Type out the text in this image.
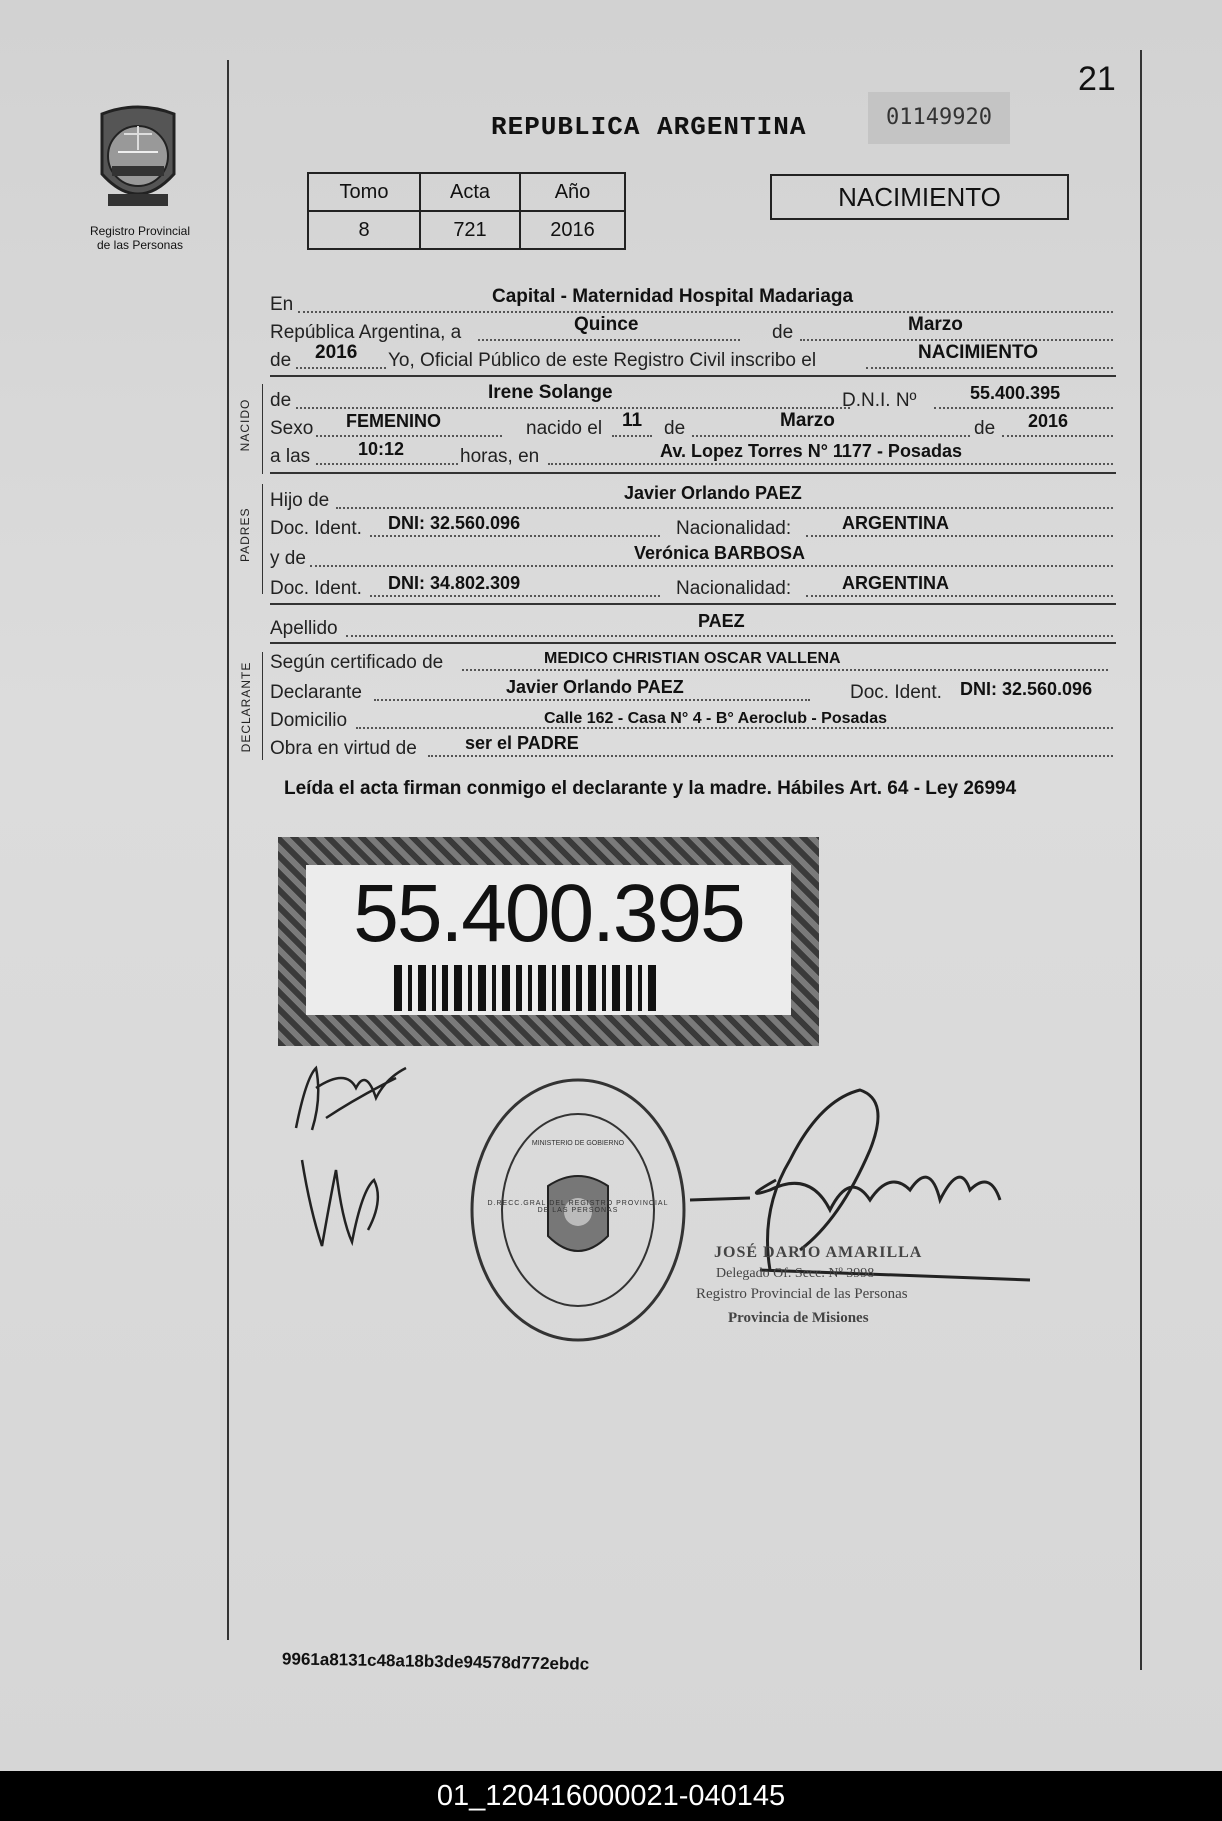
21
Registro Provincial
de las Personas
REPUBLICA ARGENTINA	01149920
Tomo	Acta	Año
8	721	2016
NACIMIENTO
En	Capital - Maternidad Hospital Madariaga
República Argentina, a	Quince	de	Marzo
de 2016 Yo, Oficial Público de este Registro Civil inscribo el	NACIMIENTO
NACIDO de	Irene Solange	D.N.I. Nº	55.400.395
Sexo FEMENINO	nacido el 11 de	Marzo	de 2016
a las	10:12	horas, en	Av. Lopez Torres N° 1177 - Posadas
PADRES
Hijo de	Javier Orlando PAEZ
Doc. Ident. DNI: 32.560.096	Nacionalidad:	ARGENTINA
y de	Verónica BARBOSA
Doc. Ident. DNI: 34.802.309	Nacionalidad:	ARGENTINA
Apellido	PAEZ
DECLARANTE Según certificado de	MEDICO CHRISTIAN OSCAR VALLENA
Declarante	Javier Orlando PAEZ	Doc. Ident. DNI: 32.560.096
Domicilio	Calle 162 - Casa N° 4 - B° Aeroclub - Posadas
Obra en virtud de	ser el PADRE
Leída el acta firman conmigo el declarante y la madre. Hábiles Art. 64 - Ley 26994
55.400.395
D.RECC.GRAL.DEL REGISTRO PROVINCIAL DE LAS PERSONAS
MINISTERIO DE GOBIERNO
JOSÉ DARIO AMARILLA
Delegado Of. Secc. Nº 3998
Registro Provincial de las Personas
Provincia de Misiones
9961a8131c48a18b3de94578d772ebdc
01_120416000021-040145
